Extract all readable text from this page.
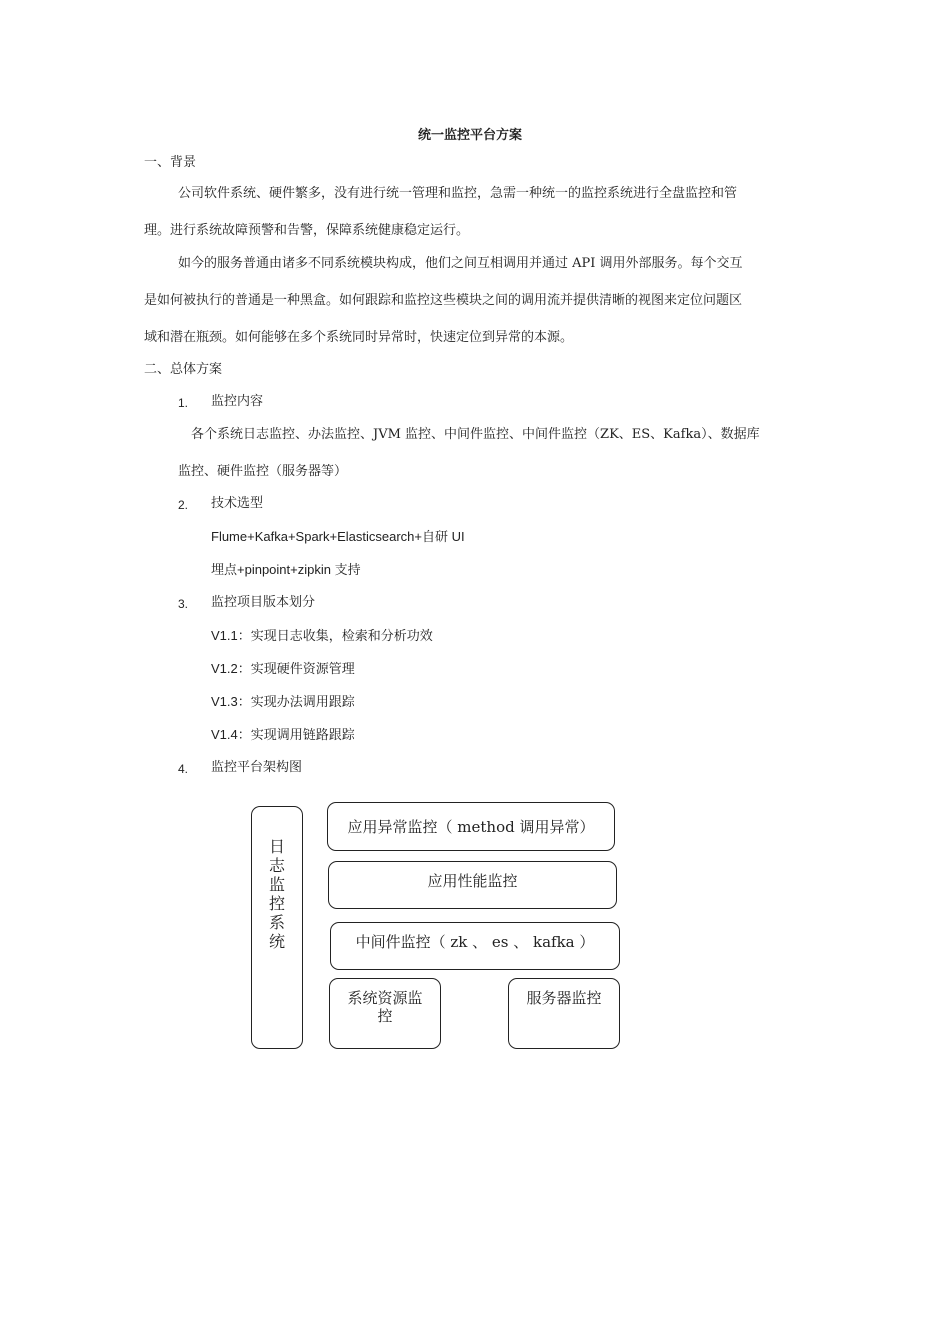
统一监控平台方案
一、背景
公司软件系统、硬件繁多，没有进行统一管理和监控，急需一种统一的监控系统进行全盘监控和管
理。进行系统故障预警和告警，保障系统健康稳定运行。
如今的服务普通由诸多不同系统模块构成，他们之间互相调用并通过 API 调用外部服务。每个交互
是如何被执行的普通是一种黑盒。如何跟踪和监控这些模块之间的调用流并提供清晰的视图来定位问题区
域和潜在瓶颈。如何能够在多个系统同时异常时，快速定位到异常的本源。
二、总体方案
1. 监控内容
各个系统日志监控、办法监控、JVM 监控、中间件监控、中间件监控（ZK、ES、Kafka）、数据库
监控、硬件监控（服务器等）
2. 技术选型
Flume+Kafka+Spark+Elasticsearch+自研 UI
埋点+pinpoint+zipkin 支持
3. 监控项目版本划分
V1.1：实现日志收集，检索和分析功效
V1.2：实现硬件资源管理
V1.3：实现办法调用跟踪
V1.4：实现调用链路跟踪
4. 监控平台架构图
日志监控系统
应用异常监控（ method 调用异常）
应用性能监控
中间件监控（ zk 、 es 、 kafka ）
系统资源监控
服务器监控
